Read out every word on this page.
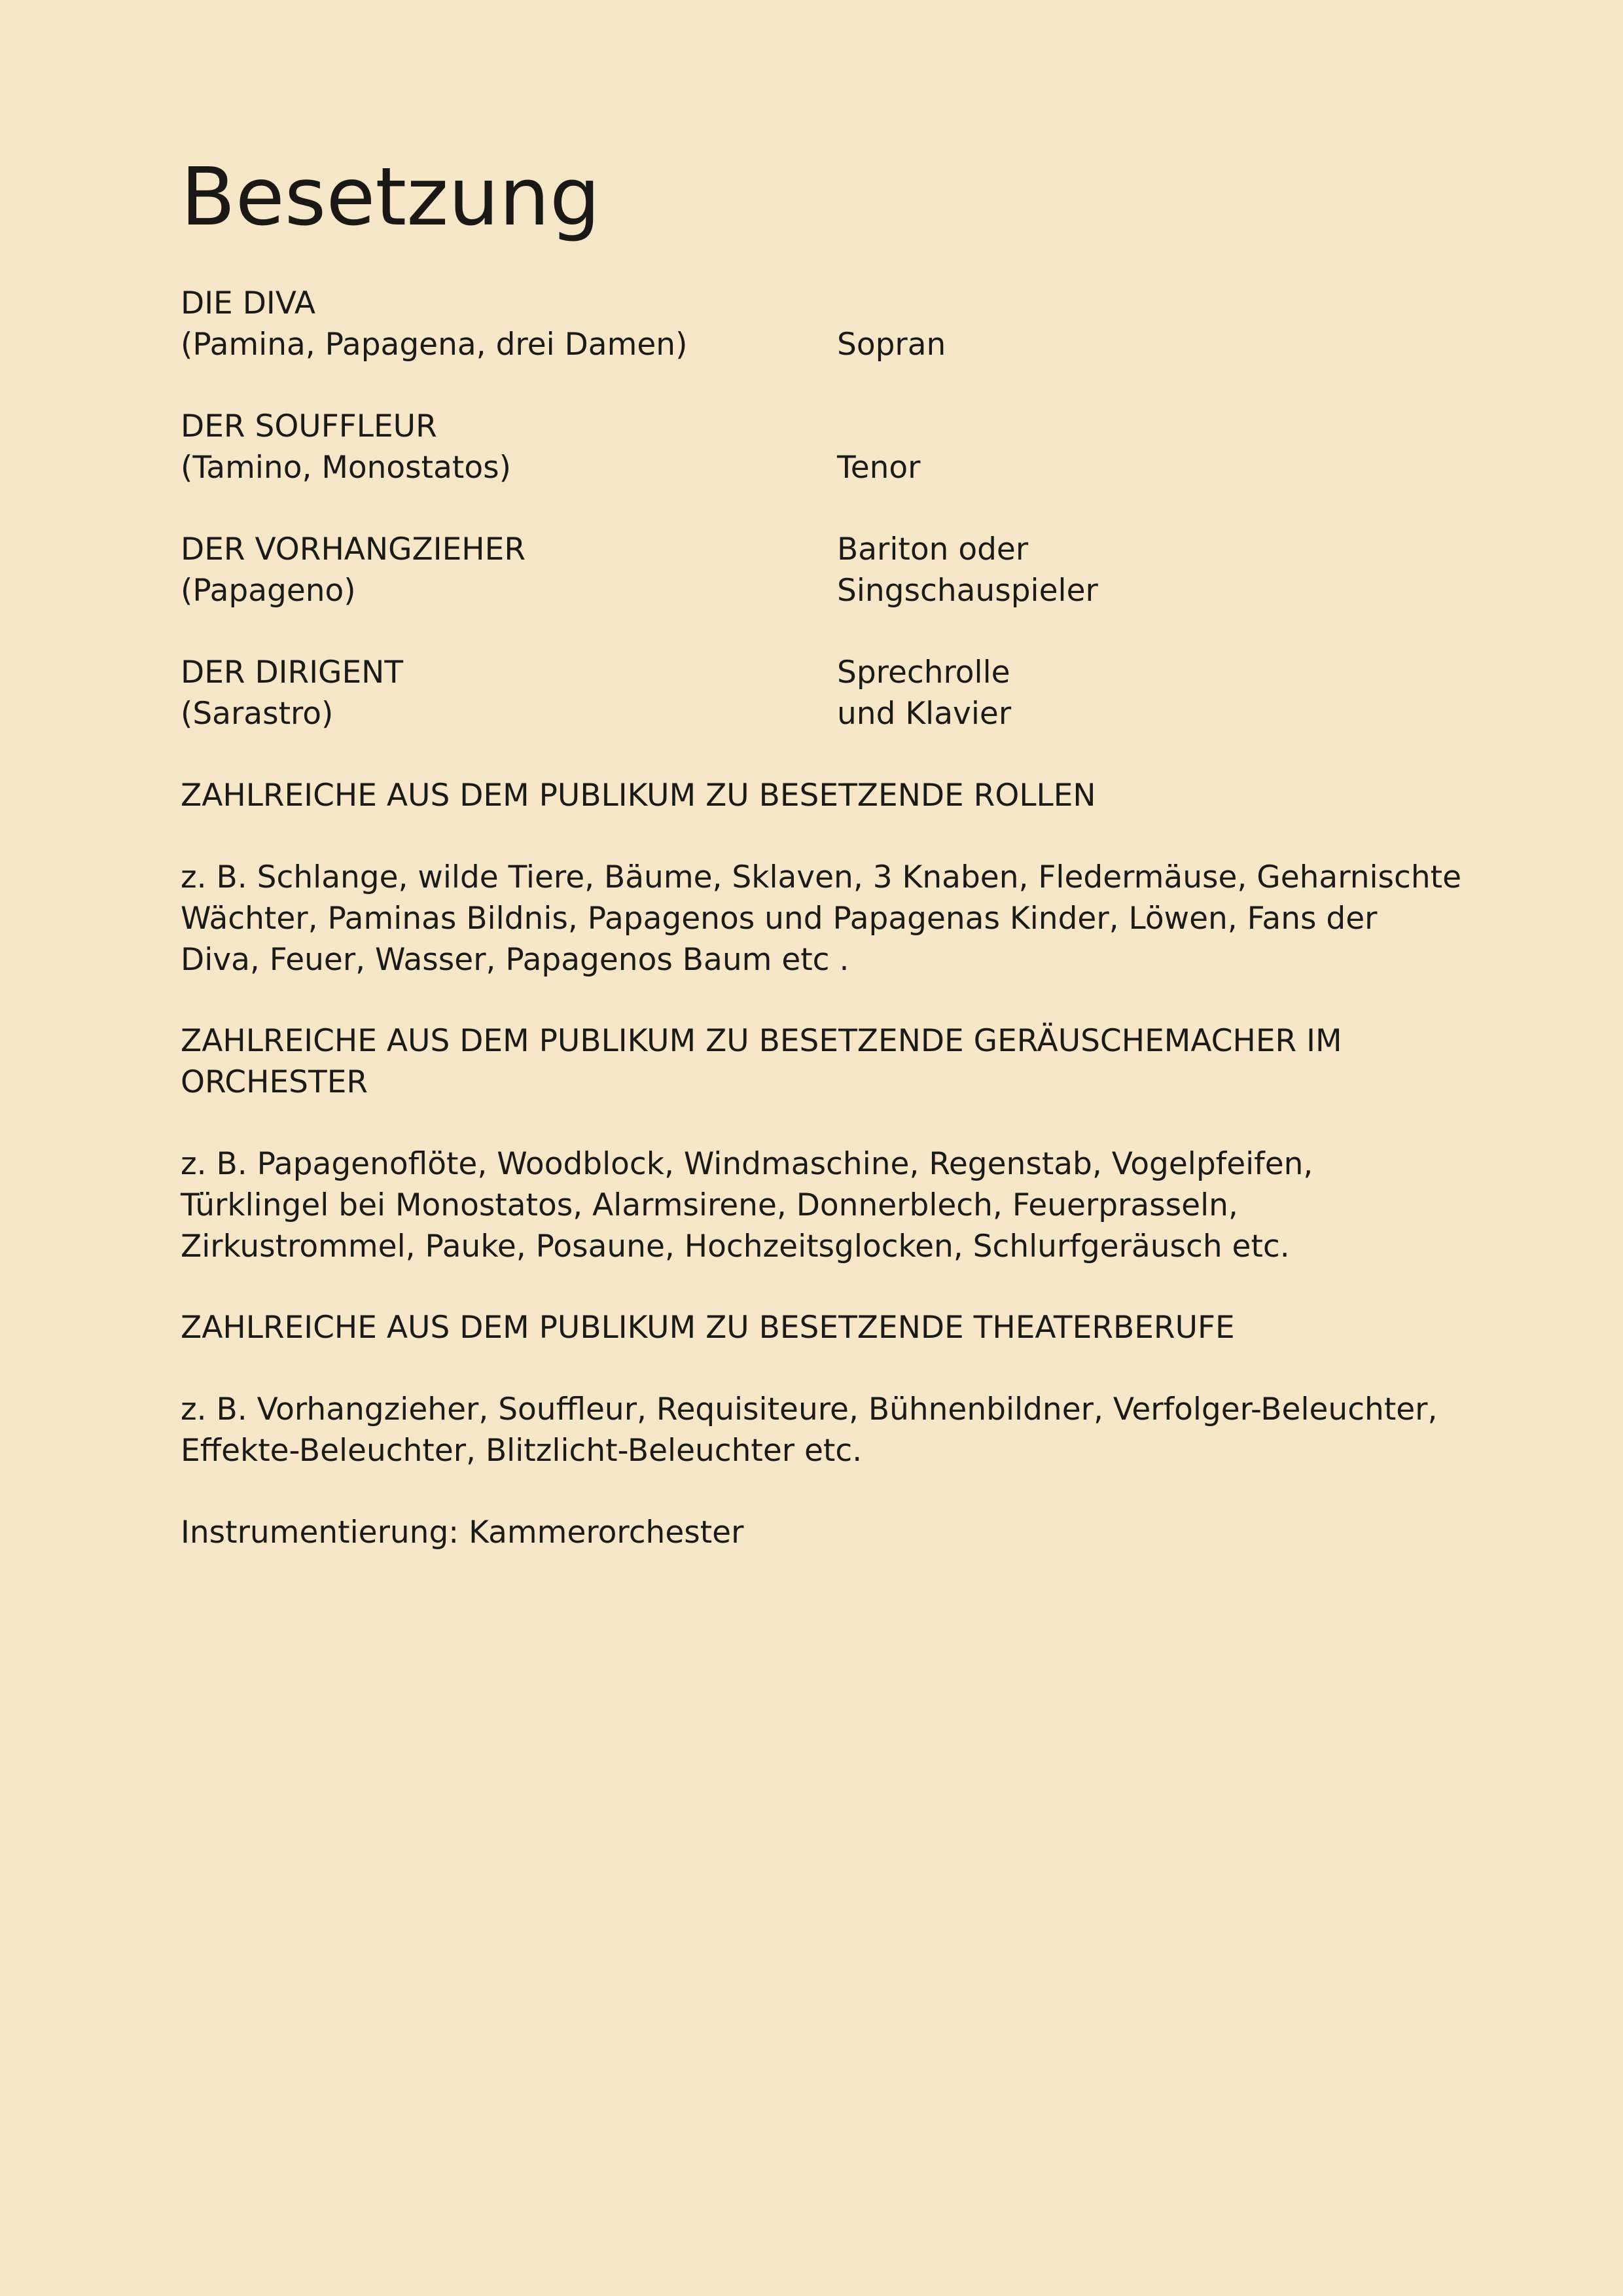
Besetzung

DIE DIVA

(Pamina, Papagena, drei Damen)	Sopran

DER SOUFFLEUR

(Tamino, Monostatos)	Tenor

DER VORHANGZIEHER

(Papageno)

Bariton oder

Singschauspieler

DER DIRIGENT

(Sarastro)

Sprechrolle

und Klavier

ZAHLREICHE AUS DEM PUBLIKUM ZU BESETZENDE ROLLEN
z. B. Schlange, wilde Tiere, Bäume, Sklaven, 3 Knaben, Fledermäuse, Geharnischte
Wächter, Paminas Bildnis, Papagenos und Papagenas Kinder, Löwen, Fans der
Diva, Feuer, Wasser, Papagenos Baum etc .
ZAHLREICHE AUS DEM PUBLIKUM ZU BESETZENDE GERÄUSCHEMACHER IM
ORCHESTER
z. B. Papagenoflöte, Woodblock, Windmaschine, Regenstab, Vogelpfeifen,
Türklingel bei Monostatos, Alarmsirene, Donnerblech, Feuerprasseln,
Zirkustrommel, Pauke, Posaune, Hochzeitsglocken, Schlurfgeräusch etc.
ZAHLREICHE AUS DEM PUBLIKUM ZU BESETZENDE THEATERBERUFE
z. B. Vorhangzieher, Souffleur, Requisiteure, Bühnenbildner, Verfolger-Beleuchter,
Effekte-Beleuchter, Blitzlicht-Beleuchter etc.

Instrumentierung: Kammerorchester
